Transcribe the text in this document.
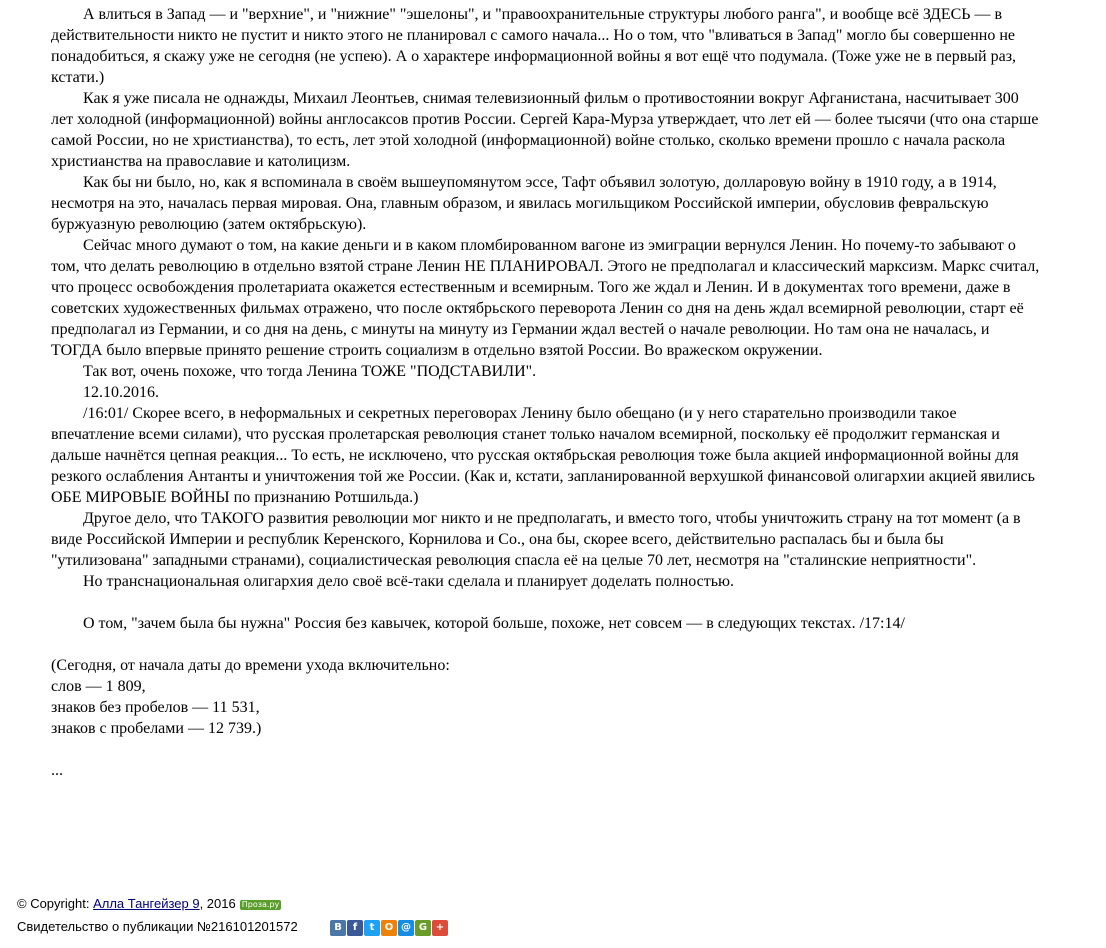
А влиться в Запад — и "верхние", и "нижние" "эшелоны", и "правоохранительные структуры любого ранга", и вообще всё ЗДЕСЬ — в действительности никто не пустит и никто этого не планировал с самого начала... Но о том, что "вливаться в Запад" могло бы совершенно не понадобиться, я скажу уже не сегодня (не успею). А о характере информационной войны я вот ещё что подумала. (Тоже уже не в первый раз, кстати.)

Как я уже писала не однажды, Михаил Леонтьев, снимая телевизионный фильм о противостоянии вокруг Афганистана, насчитывает 300 лет холодной (информационной) войны англосаксов против России. Сергей Кара-Мурза утверждает, что лет ей — более тысячи (что она старше самой России, но не христианства), то есть, лет этой холодной (информационной) войне столько, сколько времени прошло с начала раскола христианства на православие и католицизм.

Как бы ни было, но, как я вспоминала в своём вышеупомянутом эссе, Тафт объявил золотую, долларовую войну в 1910 году, а в 1914, несмотря на это, началась первая мировая. Она, главным образом, и явилась могильщиком Российской империи, обусловив февральскую буржуазную революцию (затем октябрьскую).

Сейчас много думают о том, на какие деньги и в каком пломбированном вагоне из эмиграции вернулся Ленин. Но почему-то забывают о том, что делать революцию в отдельно взятой стране Ленин НЕ ПЛАНИРОВАЛ. Этого не предполагал и классический марксизм. Маркс считал, что процесс освобождения пролетариата окажется естественным и всемирным. Того же ждал и Ленин. И в документах того времени, даже в советских художественных фильмах отражено, что после октябрьского переворота Ленин со дня на день ждал всемирной революции, старт её предполагал из Германии, и со дня на день, с минуты на минуту из Германии ждал вестей о начале революции. Но там она не началась, и ТОГДА было впервые принято решение строить социализм в отдельно взятой России. Во вражеском окружении.

Так вот, очень похоже, что тогда Ленина ТОЖЕ "ПОДСТАВИЛИ".

12.10.2016.

/16:01/ Скорее всего, в неформальных и секретных переговорах Ленину было обещано (и у него старательно производили такое впечатление всеми силами), что русская пролетарская революция станет только началом всемирной, поскольку её продолжит германская и дальше начнётся цепная реакция... То есть, не исключено, что русская октябрьская революция тоже была акцией информационной войны для резкого ослабления Антанты и уничтожения той же России. (Как и, кстати, запланированной верхушкой финансовой олигархии акцией явились ОБЕ МИРОВЫЕ ВОЙНЫ по признанию Ротшильда.)

Другое дело, что ТАКОГО развития революции мог никто и не предполагать, и вместо того, чтобы уничтожить страну на тот момент (а в виде Российской Империи и республик Керенского, Корнилова и Со., она бы, скорее всего, действительно распалась бы и была бы "утилизована" западными странами), социалистическая революция спасла её на целые 70 лет, несмотря на "сталинские неприятности".

Но транснациональная олигархия дело своё всё-таки сделала и планирует доделать полностью.

О том, "зачем была бы нужна" Россия без кавычек, которой больше, похоже, нет совсем — в следующих текстах. /17:14/

(Сегодня, от начала даты до времени ухода включительно:

слов — 1 809,

знаков без пробелов — 11 531,

знаков с пробелами — 12 739.)

...

© Copyright: Алла Тангейзер 9, 2016 Проза.ру
Свидетельство о публикации №216101201572	В	f	t	О @ G +
